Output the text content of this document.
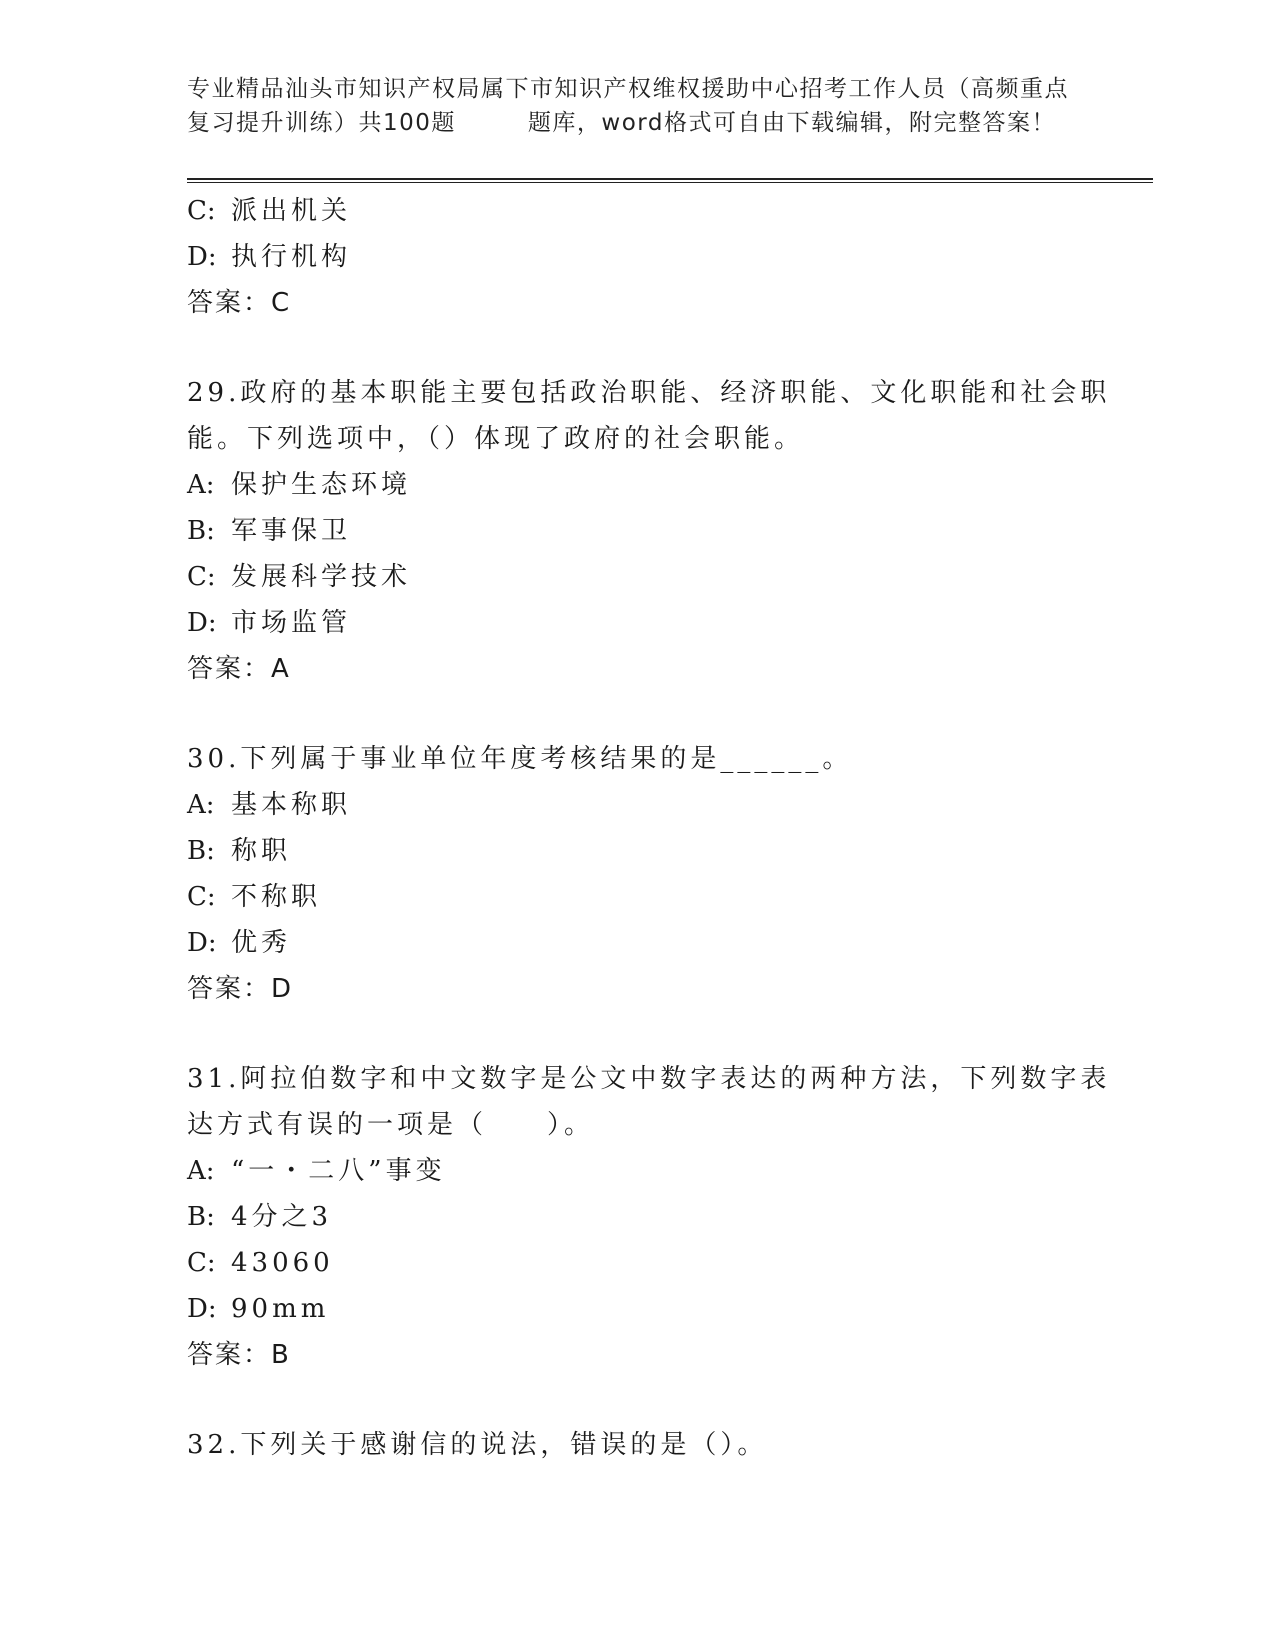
专业精品汕头市知识产权局属下市知识产权维权援助中心招考工作人员（高频重点
复习提升训练）共100题	题库，word格式可自由下载编辑，附完整答案！
C: 派出机关
D: 执行机构
答案：C
29.政府的基本职能主要包括政治职能、经济职能、文化职能和社会职
能。下列选项中，（）体现了政府的社会职能。
A: 保护生态环境
B: 军事保卫
C: 发展科学技术
D: 市场监管
答案：A
30.下列属于事业单位年度考核结果的是______。
A: 基本称职
B: 称职
C: 不称职
D: 优秀
答案：D
31.阿拉伯数字和中文数字是公文中数字表达的两种方法，下列数字表
达方式有误的一项是（　　）。
A: “一・二八”事变
B: 4分之3
C: 43060
D: 90mm
答案：B
32.下列关于感谢信的说法，错误的是（）。
